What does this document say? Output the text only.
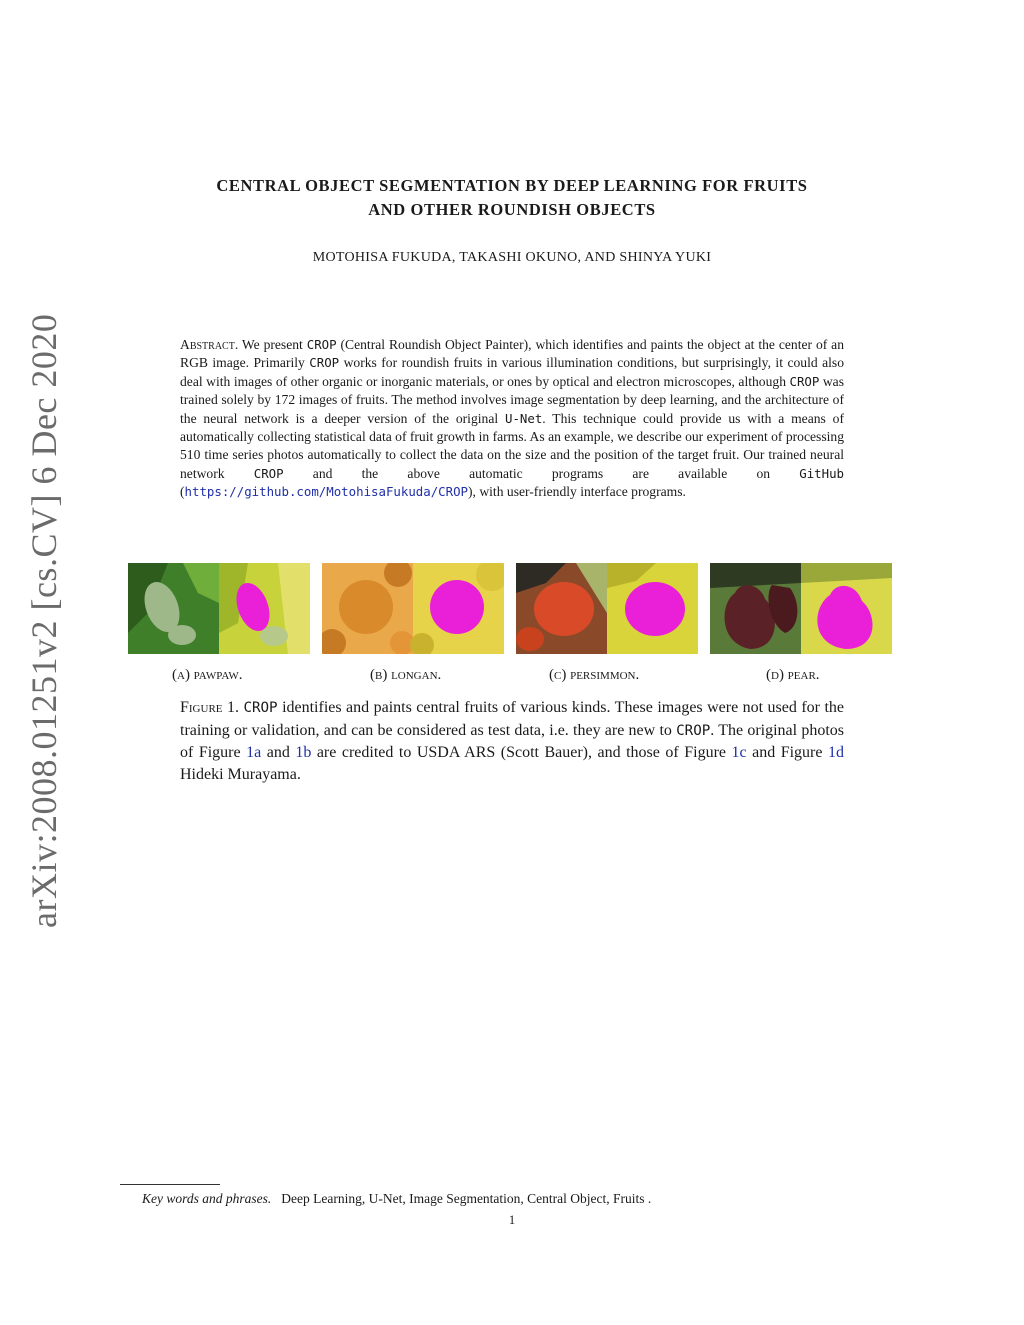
arXiv:2008.01251v2 [cs.CV] 6 Dec 2020
CENTRAL OBJECT SEGMENTATION BY DEEP LEARNING FOR FRUITS
AND OTHER ROUNDISH OBJECTS
MOTOHISA FUKUDA, TAKASHI OKUNO, AND SHINYA YUKI
Abstract. We present CROP (Central Roundish Object Painter), which identifies and paints the object at the center of an RGB image. Primarily CROP works for roundish fruits in various illumination conditions, but surprisingly, it could also deal with images of other organic or inorganic materials, or ones by optical and electron microscopes, although CROP was trained solely by 172 images of fruits. The method involves image segmentation by deep learning, and the architecture of the neural network is a deeper version of the original U-Net. This technique could provide us with a means of automatically collecting statistical data of fruit growth in farms. As an example, we describe our experiment of processing 510 time series photos automatically to collect the data on the size and the position of the target fruit. Our trained neural network CROP and the above automatic programs are available on GitHub (https://github.com/MotohisaFukuda/CROP), with user-friendly interface programs.
(a) pawpaw.	(b) longan.	(c) persimmon.	(d) pear.
Figure 1. CROP identifies and paints central fruits of various kinds. These images were not used for the training or validation, and can be considered as test data, i.e. they are new to CROP. The original photos of Figure 1a and 1b are credited to USDA ARS (Scott Bauer), and those of Figure 1c and Figure 1d Hideki Murayama.
Key words and phrases. Deep Learning, U-Net, Image Segmentation, Central Object, Fruits .
1
